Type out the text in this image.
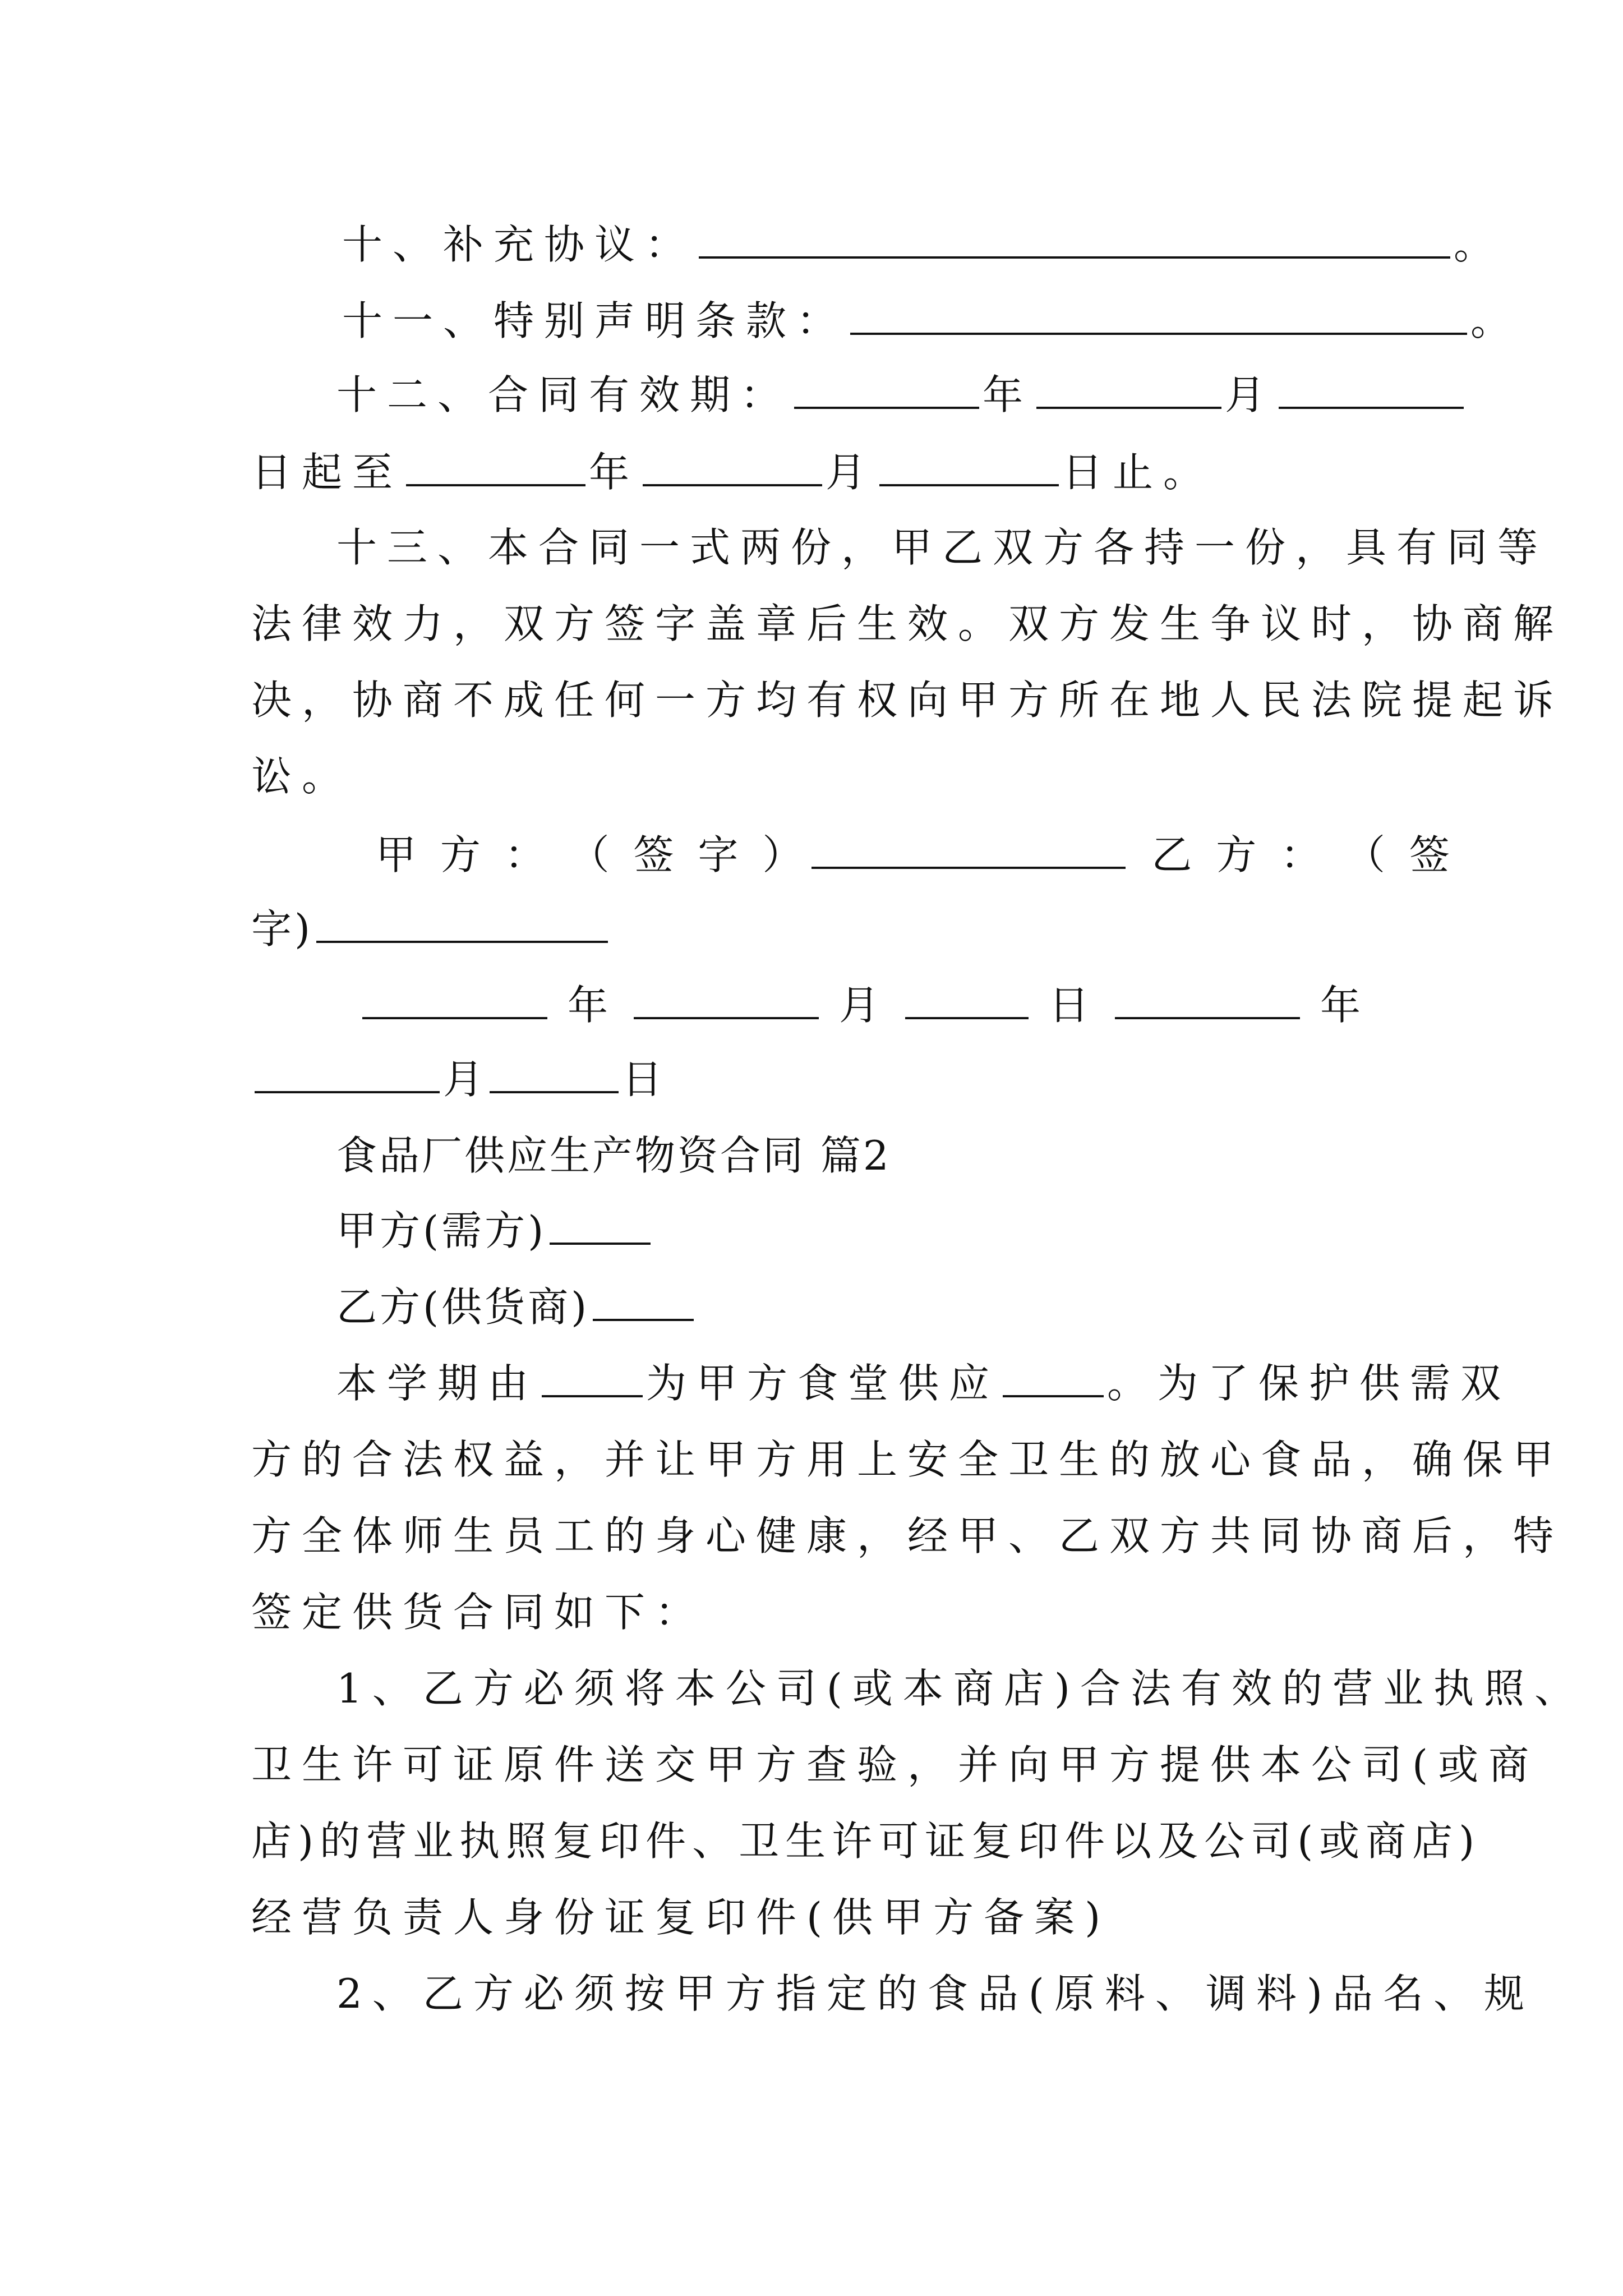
十、补充协议：	。
十一、特别声明条款：	。
十二、合同有效期：	年	月
日起至	年	月	日止。
十三、本合同一式两份，甲乙双方各持一份，具有同等
法律效力，双方签字盖章后生效。双方发生争议时，协商解
决，协商不成任何一方均有权向甲方所在地人民法院提起诉
讼。
甲 方 ： （ 签 字 ）	乙 方 ： （ 签
字)
年	月	日	年
月	日
食品厂供应生产物资合同 篇2
甲方(需方)
乙方(供货商)
本学期由	为甲方食堂供应	。为了保护供需双
方的合法权益，并让甲方用上安全卫生的放心食品，确保甲
方全体师生员工的身心健康，经甲、乙双方共同协商后，特
签定供货合同如下：
1、乙方必须将本公司(或本商店)合法有效的营业执照、
卫生许可证原件送交甲方查验，并向甲方提供本公司(或商
店)的营业执照复印件、卫生许可证复印件以及公司(或商店)
经营负责人身份证复印件(供甲方备案)
2、乙方必须按甲方指定的食品(原料、调料)品名、规
